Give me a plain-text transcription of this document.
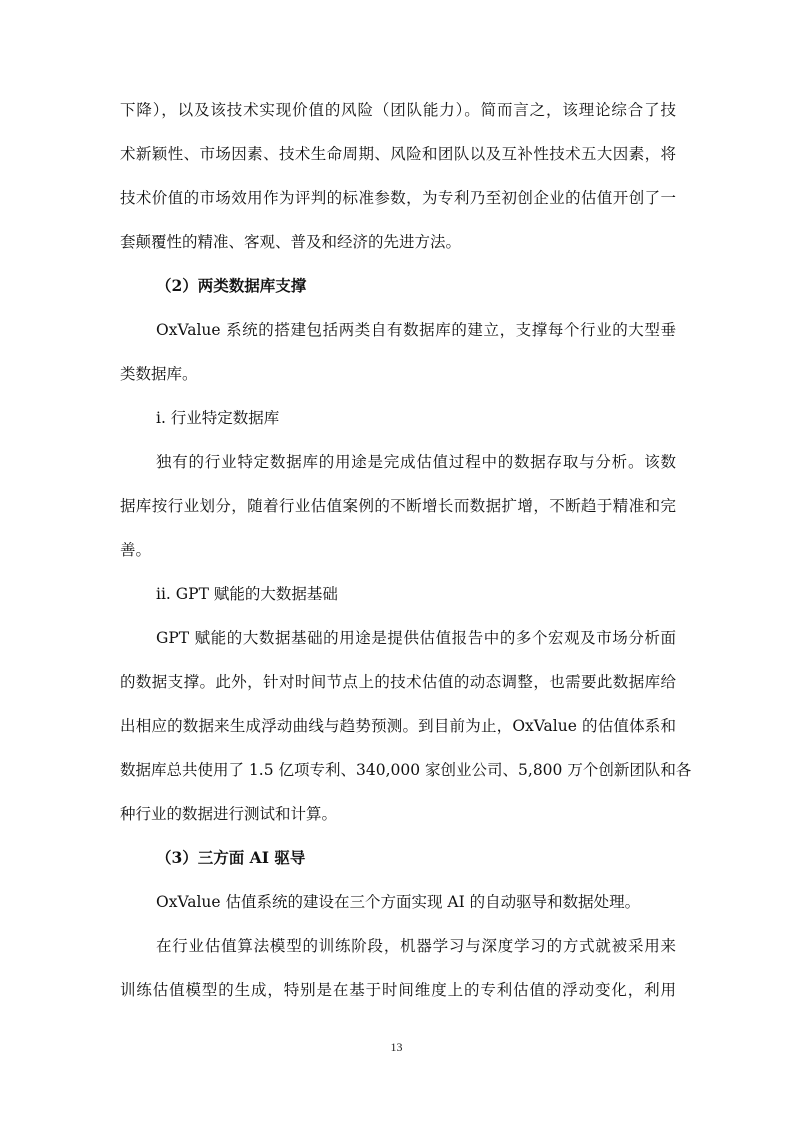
下降），以及该技术实现价值的风险（团队能力）。简而言之，该理论综合了技
术新颖性、市场因素、技术生命周期、风险和团队以及互补性技术五大因素，将
技术价值的市场效用作为评判的标准参数，为专利乃至初创企业的估值开创了一
套颠覆性的精准、客观、普及和经济的先进方法。
（2）两类数据库支撑
OxValue 系统的搭建包括两类自有数据库的建立，支撑每个行业的大型垂
类数据库。
i. 行业特定数据库
独有的行业特定数据库的用途是完成估值过程中的数据存取与分析。该数
据库按行业划分，随着行业估值案例的不断增长而数据扩增，不断趋于精准和完
善。
ii. GPT 赋能的大数据基础
GPT 赋能的大数据基础的用途是提供估值报告中的多个宏观及市场分析面
的数据支撑。此外，针对时间节点上的技术估值的动态调整，也需要此数据库给
出相应的数据来生成浮动曲线与趋势预测。到目前为止，OxValue 的估值体系和
数据库总共使用了 1.5 亿项专利、340,000 家创业公司、5,800 万个创新团队和各
种行业的数据进行测试和计算。
（3）三方面 AI 驱导
OxValue 估值系统的建设在三个方面实现 AI 的自动驱导和数据处理。
在行业估值算法模型的训练阶段，机器学习与深度学习的方式就被采用来
训练估值模型的生成，特别是在基于时间维度上的专利估值的浮动变化，利用
13
